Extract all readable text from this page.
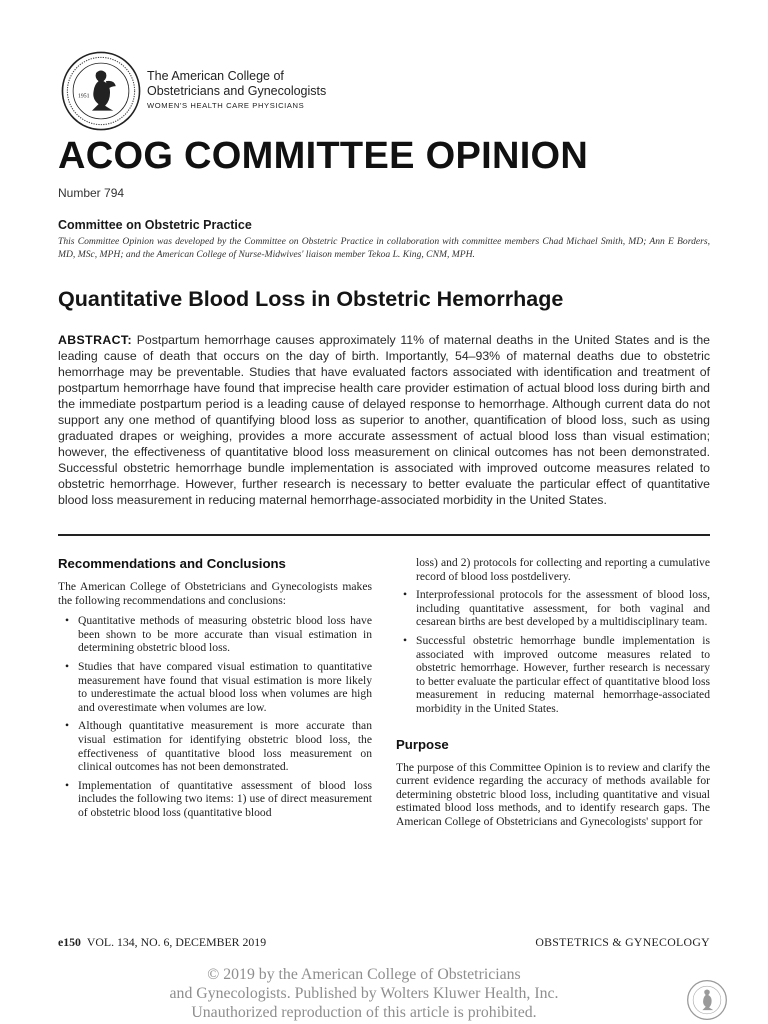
1951
The American College of
Obstetricians and Gynecologists
WOMEN'S HEALTH CARE PHYSICIANS
ACOG COMMITTEE OPINION
Number 794
Committee on Obstetric Practice
This Committee Opinion was developed by the Committee on Obstetric Practice in collaboration with committee members Chad Michael Smith, MD; Ann E Borders, MD, MSc, MPH; and the American College of Nurse-Midwives' liaison member Tekoa L. King, CNM, MPH.
Quantitative Blood Loss in Obstetric Hemorrhage

ABSTRACT: Postpartum hemorrhage causes approximately 11% of maternal deaths in the United States and is the leading cause of death that occurs on the day of birth. Importantly, 54–93% of maternal deaths due to obstetric hemorrhage may be preventable. Studies that have evaluated factors associated with identification and treatment of postpartum hemorrhage have found that imprecise health care provider estimation of actual blood loss during birth and the immediate postpartum period is a leading cause of delayed response to hemorrhage. Although current data do not support any one method of quantifying blood loss as superior to another, quantification of blood loss, such as using graduated drapes or weighing, provides a more accurate assessment of actual blood loss than visual estimation; however, the effectiveness of quantitative blood loss measurement on clinical outcomes has not been demonstrated. Successful obstetric hemorrhage bundle implementation is associated with improved outcome measures related to obstetric hemorrhage. However, further research is necessary to better evaluate the particular effect of quantitative blood loss measurement in reducing maternal hemorrhage-associated morbidity in the United States.

Recommendations and Conclusions

The American College of Obstetricians and Gynecologists makes the following recommendations and conclusions:

• Quantitative methods of measuring obstetric blood loss have been shown to be more accurate than visual estimation in determining obstetric blood loss.
• Studies that have compared visual estimation to quantitative measurement have found that visual estimation is more likely to underestimate the actual blood loss when volumes are high and overestimate when volumes are low.
• Although quantitative measurement is more accurate than visual estimation for identifying obstetric blood loss, the effectiveness of quantitative blood loss measurement on clinical outcomes has not been demonstrated.
• Implementation of quantitative assessment of blood loss includes the following two items: 1) use of direct measurement of obstetric blood loss (quantitative blood
loss) and 2) protocols for collecting and reporting a cumulative record of blood loss postdelivery.
• Interprofessional protocols for the assessment of blood loss, including quantitative assessment, for both vaginal and cesarean births are best developed by a multidisciplinary team.
• Successful obstetric hemorrhage bundle implementation is associated with improved outcome measures related to obstetric hemorrhage. However, further research is necessary to better evaluate the particular effect of quantitative blood loss measurement in reducing maternal hemorrhage-associated morbidity in the United States.
Purpose

The purpose of this Committee Opinion is to review and clarify the current evidence regarding the accuracy of methods available for determining obstetric blood loss, including quantitative and visual estimated blood loss methods, and to identify research gaps. The American College of Obstetricians and Gynecologists' support for

e150 VOL. 134, NO. 6, DECEMBER 2019	OBSTETRICS & GYNECOLOGY
© 2019 by the American College of Obstetricians
and Gynecologists. Published by Wolters Kluwer Health, Inc.
Unauthorized reproduction of this article is prohibited.
